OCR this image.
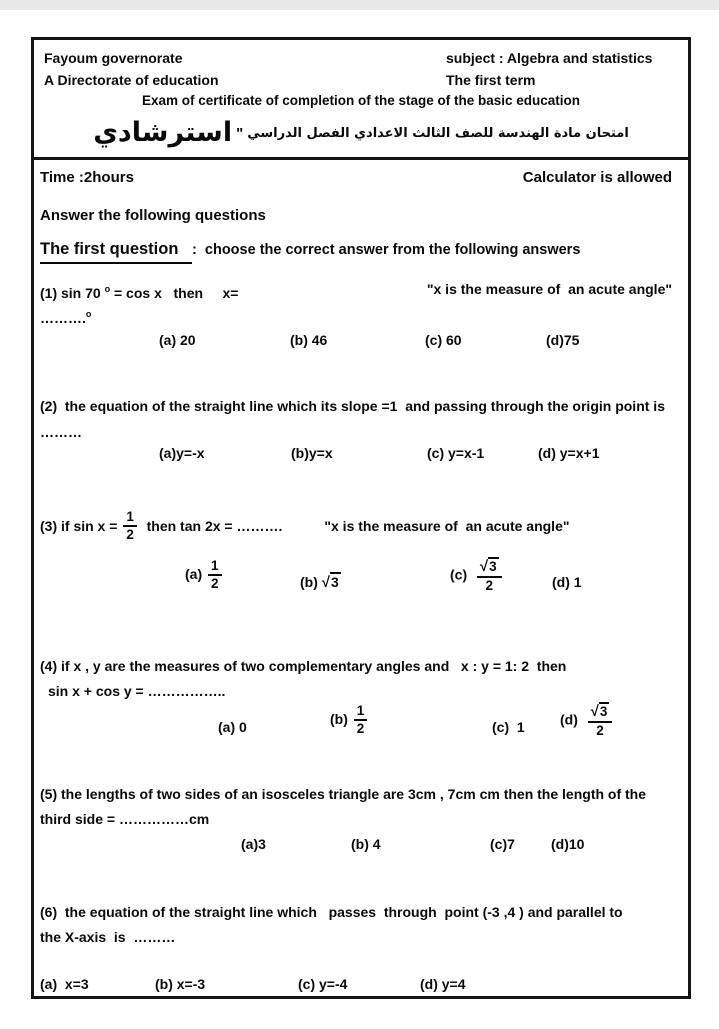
Fayoum governorate
A Directorate of education
subject : Algebra and statistics
The first term
Exam of certificate of completion of the stage of the basic education
امتحان مادة الهندسة للصف الثالث الاعدادي الفصل الدراسي
"
استرشادي
Time :2hours	Calculator is allowed
Answer the following questions
The first question :  choose the correct answer from the following answers
(1) sin 70 $^o$ = cos x   then     x=	"x is the measure of  an acute angle"
……….$^o$
(a) 20	(b) 46	(c) 60	(d)75
(2)  the equation of the straight line which its slope =1  and passing through the origin point is
………
(a)y=-x	(b)y=x	(c) y=x-1	(d) y=x+1
(3) if $\sin x = \frac{1}{2}$ then tan 2x = ……….	"x is the measure of  an acute angle"
$(a) \frac{1}{2}$	(b) √3	$(c) \frac{√3}{2}$	(d) 1
(4) if x , y are the measures of two complementary angles and   x : y = 1: 2  then
sin x + cos y = ……………..
(a) 0
$(b) \frac{1}{2}$	(c)  1	$(d) \frac{√3}{2}$
(5) the lengths of two sides of an isosceles triangle are 3cm , 7cm cm then the length of the
third side = ……………cm
(a)3	(b) 4	(c)7	(d)10
(6)  the equation of the straight line which   passes  through  point (-3 ,4 ) and parallel to
the X-axis  is  ………
(a)  x=3	(b) x=-3	(c) y=-4	(d) y=4
